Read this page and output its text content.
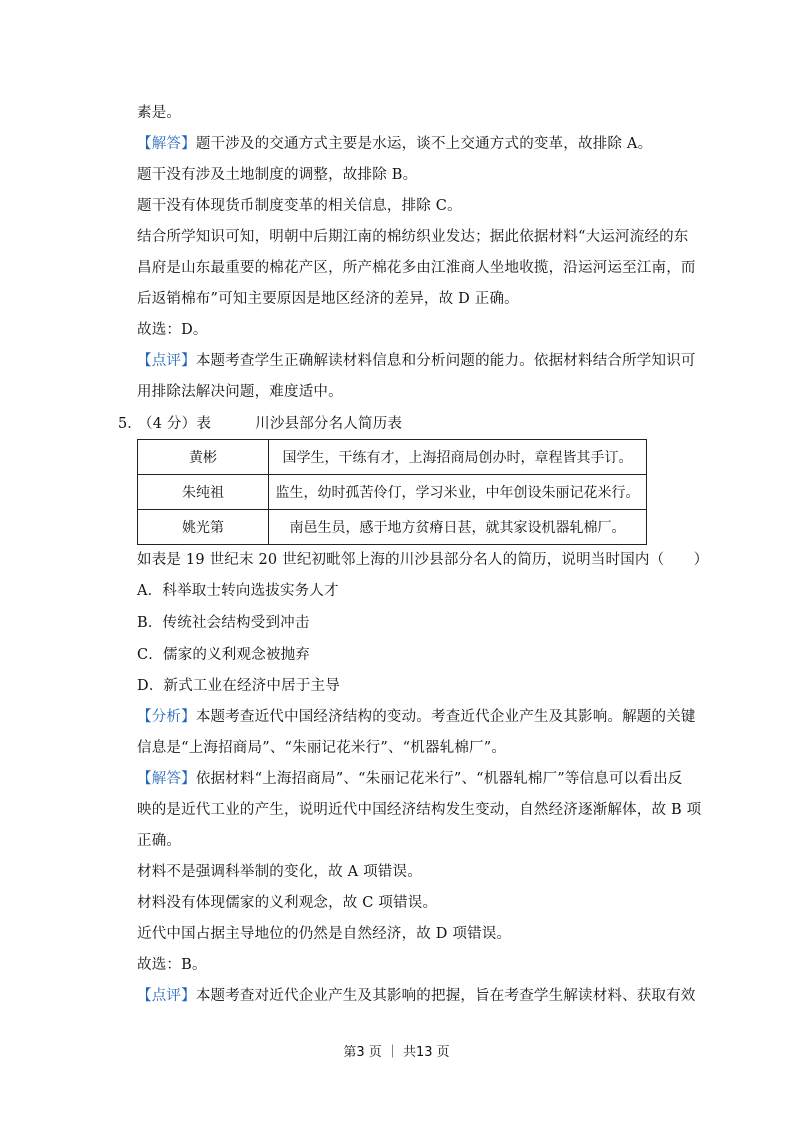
素是。
【解答】题干涉及的交通方式主要是水运，谈不上交通方式的变革，故排除 A。
题干没有涉及土地制度的调整，故排除 B。
题干没有体现货币制度变革的相关信息，排除 C。
结合所学知识可知，明朝中后期江南的棉纺织业发达；据此依据材料“大运河流经的东
昌府是山东最重要的棉花产区，所产棉花多由江淮商人坐地收揽，沿运河运至江南，而
后返销棉布”可知主要原因是地区经济的差异，故 D 正确。
故选：D。
【点评】本题考查学生正确解读材料信息和分析问题的能力。依据材料结合所学知识可
用排除法解决问题，难度适中。
5．
（4 分）表　　　川沙县部分名人简历表
黄彬	国学生，干练有才，上海招商局创办时，章程皆其手订。
朱纯祖	监生，幼时孤苦伶仃，学习米业，中年创设朱丽记花米行。
姚光第	南邑生员，感于地方贫瘠日甚，就其家设机器轧棉厂。
如表是 19 世纪末 20 世纪初毗邻上海的川沙县部分名人的简历，说明当时国内（　　）
A．科举取士转向选拔实务人才
B．传统社会结构受到冲击
C．儒家的义利观念被抛弃
D．新式工业在经济中居于主导
【分析】本题考查近代中国经济结构的变动。考查近代企业产生及其影响。解题的关键
信息是“上海招商局”、“朱丽记花米行”、“机器轧棉厂”。
【解答】依据材料“上海招商局”、“朱丽记花米行”、“机器轧棉厂”等信息可以看出反
映的是近代工业的产生，说明近代中国经济结构发生变动，自然经济逐渐解体，故 B 项
正确。
材料不是强调科举制的变化，故 A 项错误。
材料没有体现儒家的义利观念，故 C 项错误。
近代中国占据主导地位的仍然是自然经济，故 D 项错误。
故选：B。
【点评】本题考查对近代企业产生及其影响的把握，旨在考查学生解读材料、获取有效
第3 页 ｜ 共13 页
